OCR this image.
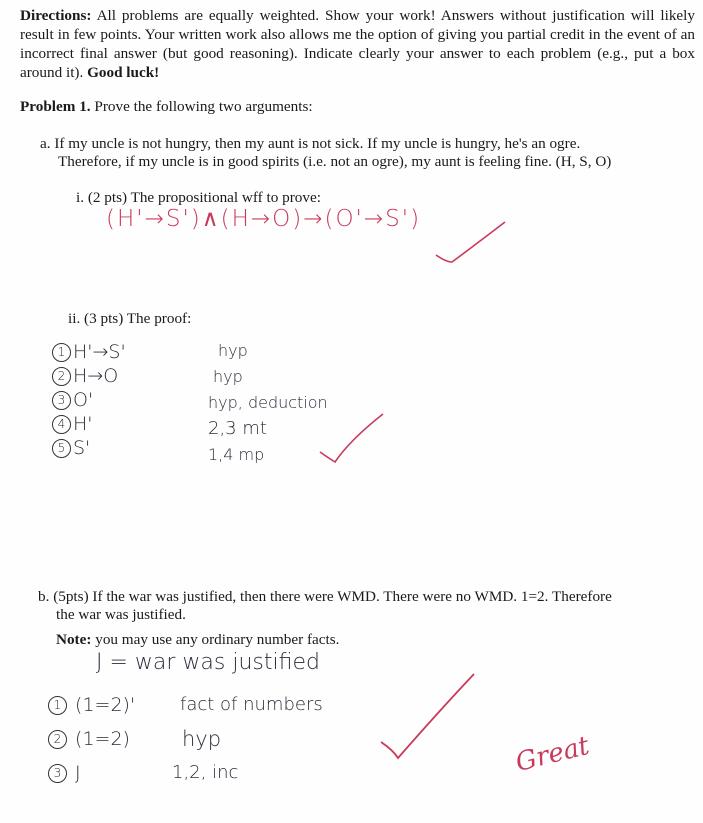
Directions: All problems are equally weighted. Show your work! Answers without justification will likely result in few points. Your written work also allows me the option of giving you partial credit in the event of an incorrect final answer (but good reasoning). Indicate clearly your answer to each problem (e.g., put a box around it). Good luck!
Problem 1. Prove the following two arguments:
a. If my uncle is not hungry, then my aunt is not sick. If my uncle is hungry, he's an ogre.
Therefore, if my uncle is in good spirits (i.e. not an ogre), my aunt is feeling fine. (H, S, O)
i. (2 pts) The propositional wff to prove:
(H'→S')∧(H→O)→(O'→S')
ii. (3 pts) The proof:
1 H'→S'
2 H→O
3 O'
4 H'
5 S'
hyp
hyp
hyp, deduction
2,3 mt
1,4 mp
b. (5pts) If the war was justified, then there were WMD. There were no WMD. 1=2. Therefore
the war was justified.
Note: you may use any ordinary number facts.
J = war was justified
1 (1=2)'
2 (1=2)
3 J
fact of numbers
hyp
1,2, inc	Great
